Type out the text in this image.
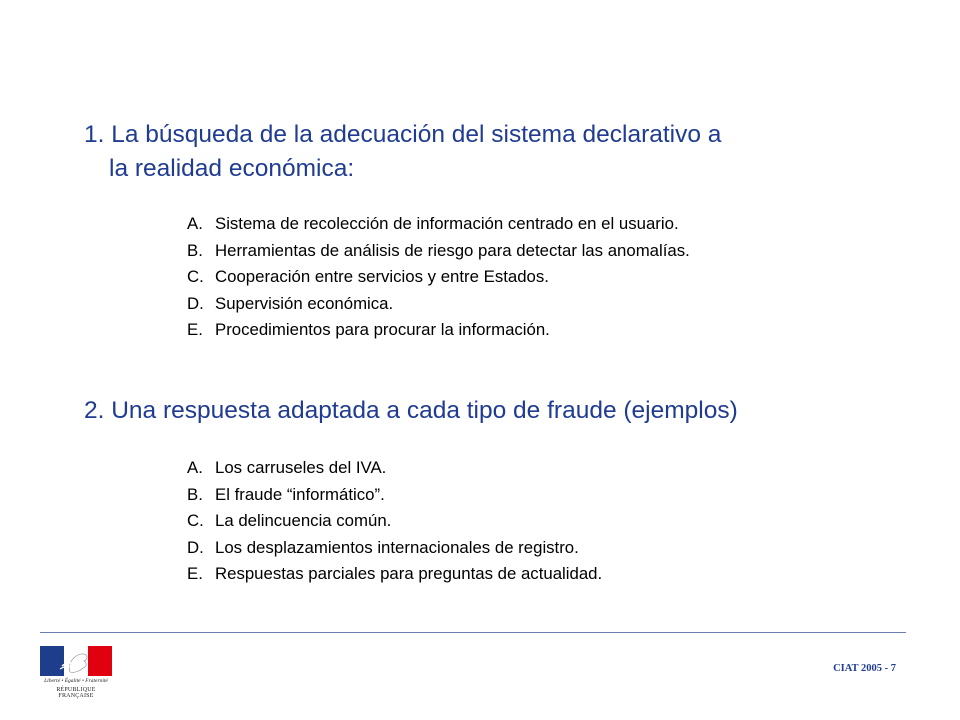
1. La búsqueda de la adecuación del sistema declarativo a
la realidad económica:
A. Sistema de recolección de información centrado en el usuario.
B. Herramientas de análisis de riesgo para detectar las anomalías.
C. Cooperación entre servicios y entre Estados.
D. Supervisión económica.
E. Procedimientos para procurar la información.
2. Una respuesta adaptada a cada tipo de fraude (ejemplos)
A. Los carruseles del IVA.
B. El fraude “informático”.
C. La delincuencia común.
D. Los desplazamientos internacionales de registro.
E. Respuestas parciales para preguntas de actualidad.
Liberté • Égalité • Fraternité
RÉPUBLIQUE FRANÇAISE
CIAT 2005 - 7
